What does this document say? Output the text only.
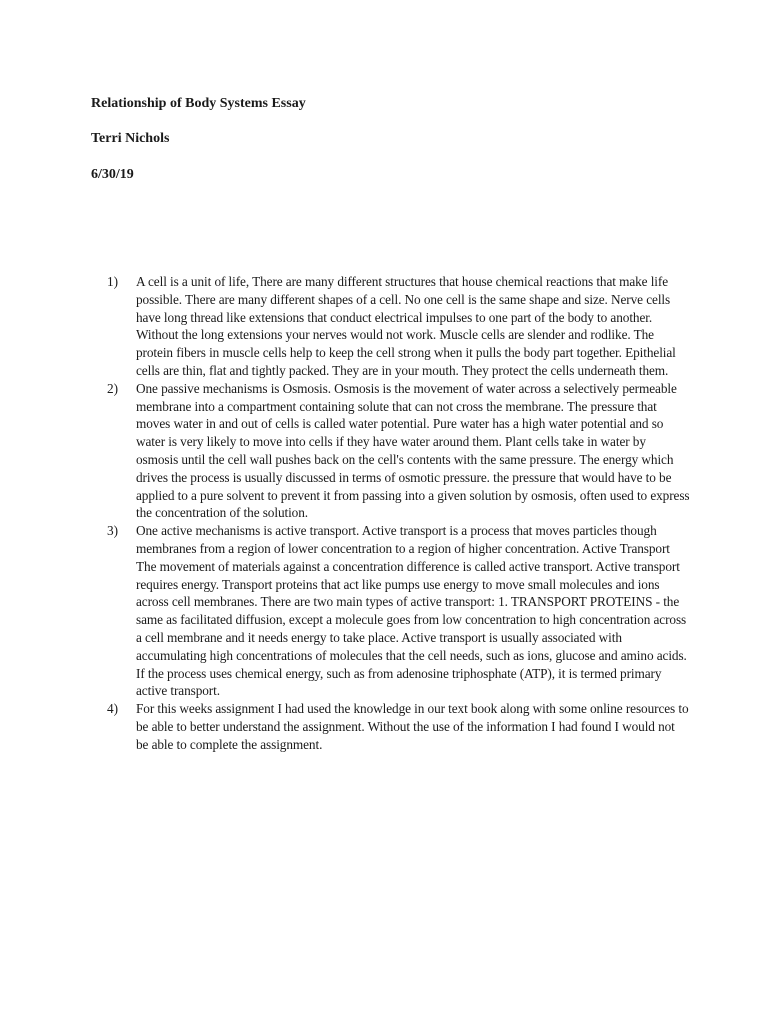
Relationship of Body Systems Essay

Terri Nichols

6/30/19

1)	A cell is a unit of life, There are many different structures that house chemical reactions that make life possible. There are many different shapes of a cell. No one cell is the same shape and size. Nerve cells have long thread like extensions that conduct electrical impulses to one part of the body to another. Without the long extensions your nerves would not work. Muscle cells are slender and rodlike. The protein fibers in muscle cells help to keep the cell strong when it pulls the body part together. Epithelial cells are thin, flat and tightly packed. They are in your mouth. They protect the cells underneath them.
2)	One passive mechanisms is Osmosis. Osmosis is the movement of water across a selectively permeable membrane into a compartment containing solute that can not cross the membrane. The pressure that moves water in and out of cells is called water potential. Pure water has a high water potential and so water is very likely to move into cells if they have water around them. Plant cells take in water by osmosis until the cell wall pushes back on the cell's contents with the same pressure. The energy which drives the process is usually discussed in terms of osmotic pressure. the pressure that would have to be applied to a pure solvent to prevent it from passing into a given solution by osmosis, often used to express the concentration of the solution.
3)	One active mechanisms is active transport. Active transport is a process that moves particles though membranes from a region of lower concentration to a region of higher concentration. Active Transport The movement of materials against a concentration difference is called active transport. Active transport requires energy. Transport proteins that act like pumps use energy to move small molecules and ions across cell membranes. There are two main types of active transport: 1. TRANSPORT PROTEINS - the same as facilitated diffusion, except a molecule goes from low concentration to high concentration across a cell membrane and it needs energy to take place. Active transport is usually associated with accumulating high concentrations of molecules that the cell needs, such as ions, glucose and amino acids. If the process uses chemical energy, such as from adenosine triphosphate (ATP), it is termed primary active transport.
4)	For this weeks assignment I had used the knowledge in our text book along with some online resources to be able to better understand the assignment. Without the use of the information I had found I would not be able to complete the assignment.
